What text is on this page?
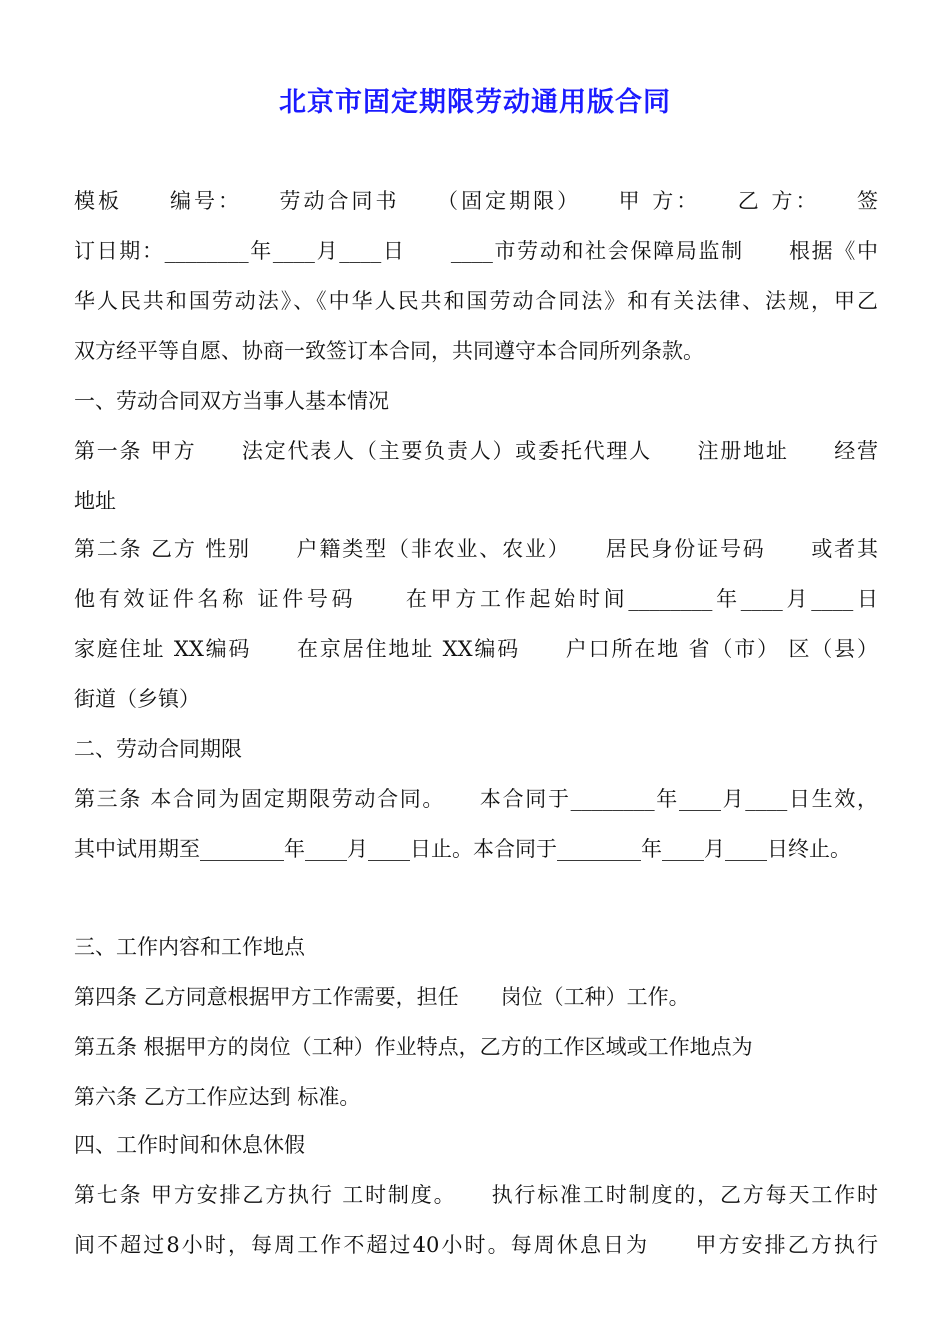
北京市固定期限劳动通用版合同
模板　　编号：　　劳动合同书　　（固定期限）　　甲 方：　　乙 方：　　签
订日期：________年____月____日　　____市劳动和社会保障局监制　　根据《中
华人民共和国劳动法》、《中华人民共和国劳动合同法》和有关法律、法规，甲乙
双方经平等自愿、协商一致签订本合同，共同遵守本合同所列条款。
一、劳动合同双方当事人基本情况
第一条 甲方　　法定代表人（主要负责人）或委托代理人　　注册地址　　经营
地址
第二条 乙方 性别　　户籍类型（非农业、农业）　　居民身份证号码　　或者其
他有效证件名称 证件号码　　在甲方工作起始时间________年____月____日
家庭住址 XX编码　　在京居住地址 XX编码　　户口所在地 省（市） 区（县）
街道（乡镇）
二、劳动合同期限
第三条 本合同为固定期限劳动合同。　　本合同于________年____月____日生效，
其中试用期至________年____月____日止。本合同于________年____月____日终止。
三、工作内容和工作地点
第四条 乙方同意根据甲方工作需要，担任　　岗位（工种）工作。
第五条 根据甲方的岗位（工种）作业特点，乙方的工作区域或工作地点为
第六条 乙方工作应达到 标准。
四、工作时间和休息休假
第七条 甲方安排乙方执行 工时制度。　　执行标准工时制度的，乙方每天工作时
间不超过8小时，每周工作不超过40小时。每周休息日为　　甲方安排乙方执行
